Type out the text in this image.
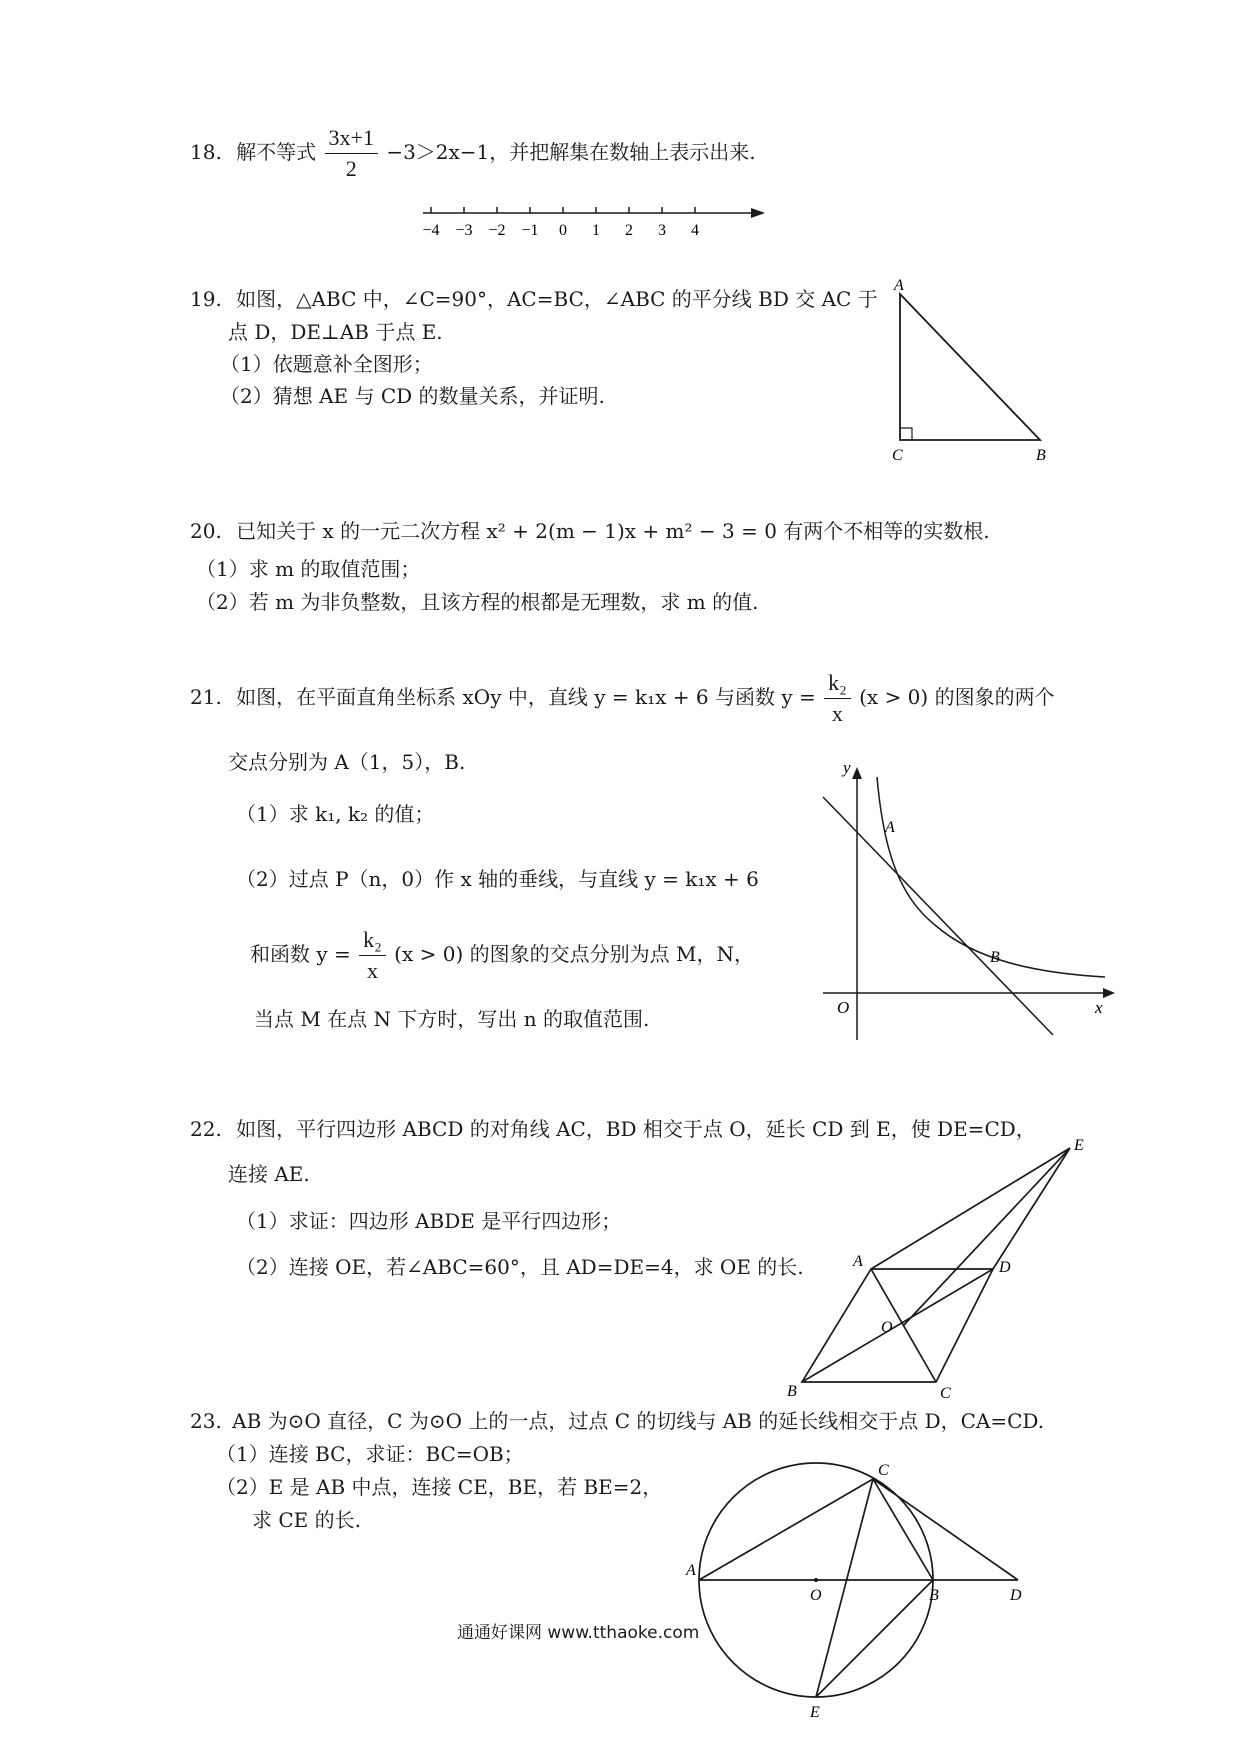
18. 解不等式 $\frac{3x+1}{2} -3>2x-1$，并把解集在数轴上表示出来.
−4 −3 −2 −1 0 1 2 3 4
19. 如图，△ABC 中，∠C=90°，AC=BC，∠ABC 的平分线 BD 交 AC 于
点 D，DE⊥AB 于点 E.
（1）依题意补全图形；
（2）猜想 AE 与 CD 的数量关系，并证明.
A
C	B
20. 已知关于 x 的一元二次方程 x² + 2(m − 1)x + m² − 3 = 0 有两个不相等的实数根.
（1）求 m 的取值范围；
（2）若 m 为非负整数，且该方程的根都是无理数，求 m 的值.
21. 如图，在平面直角坐标系 xOy 中，直线 y = k₁x + 6 与函数 $y = \frac{\text{k₂}}{x} (x > 0)$ 的图象的两个
交点分别为 A（1，5），B.
（1）求 k₁, k₂ 的值；
（2）过点 P（n，0）作 x 轴的垂线，与直线 y = k₁x + 6
和函数 $y = \frac{\text{k₂}}{x} (x > 0)$ 的图象的交点分别为点 M，N，
当点 M 在点 N 下方时，写出 n 的取值范围.
y
x
O
A
B
22. 如图，平行四边形 ABCD 的对角线 AC，BD 相交于点 O，延长 CD 到 E，使 DE=CD，
连接 AE.
（1）求证：四边形 ABDE 是平行四边形；
（2）连接 OE，若∠ABC=60°，且 AD=DE=4，求 OE 的长.
E
A	D
O
B	C
23. AB 为⊙O 直径，C 为⊙O 上的一点，过点 C 的切线与 AB 的延长线相交于点 D，CA=CD.
（1）连接 BC，求证：BC=OB；
（2）E 是 AB 中点，连接 CE，BE，若 BE=2，
求 CE 的长.
C
A
O	B	D
E
通通好课网 www.tthaoke.com
